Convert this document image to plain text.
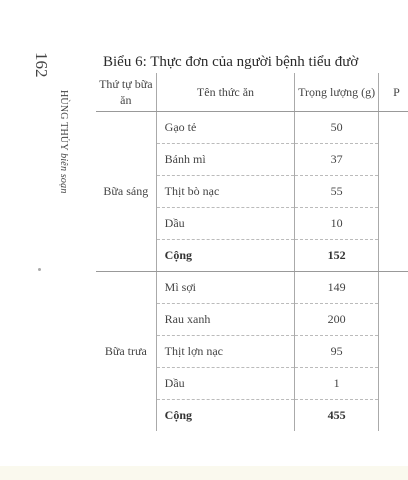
162
HÙNG THỦY biên soạn
Biểu 6: Thực đơn của người bệnh tiểu đườ
Thứ tự bữa ăn	Tên thức ăn	Trọng lượng (g)	P
Bữa sáng	Gạo tẻ	50	
	Bánh mì	37	
	Thịt bò nạc	55	
	Dầu	10	
	Cộng	152	
Bữa trưa	Mì sợi	149	
	Rau xanh	200	
	Thịt lợn nạc	95	
	Dầu	1	
	Cộng	455	
